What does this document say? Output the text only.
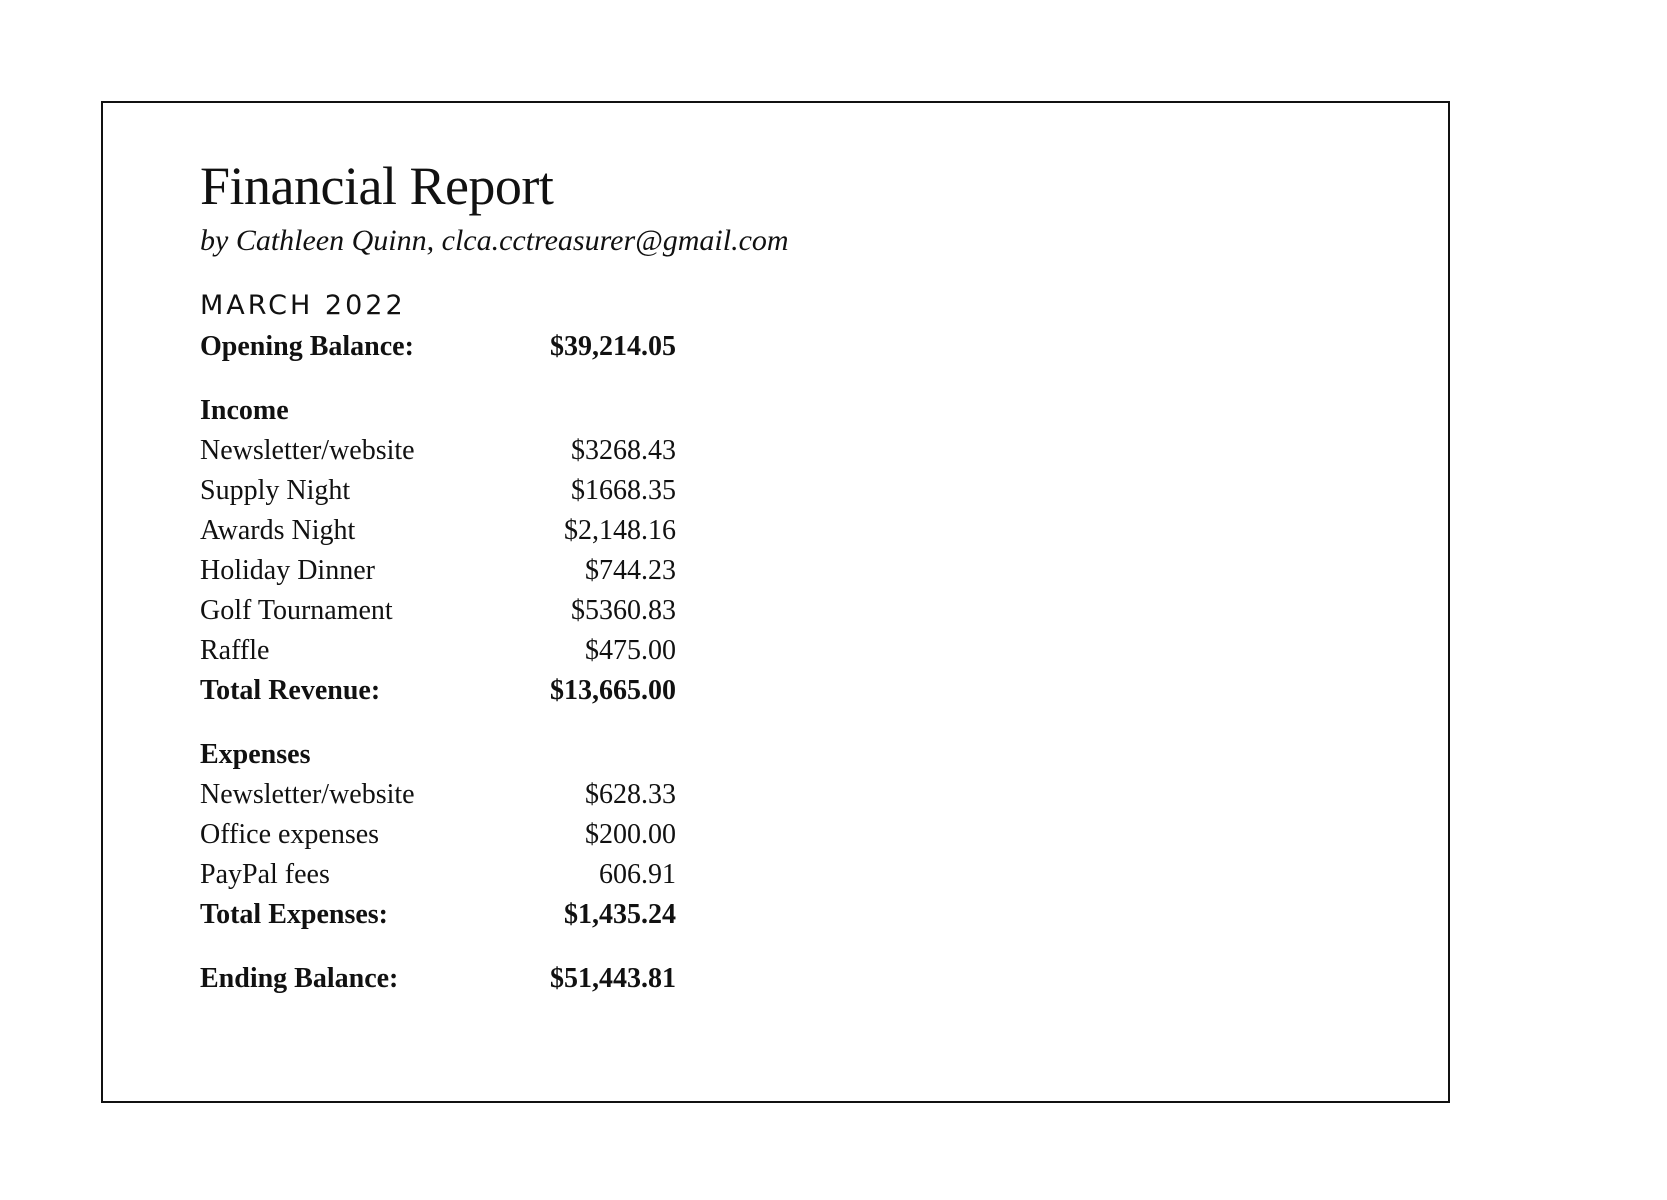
Financial Report

by Cathleen Quinn, clca.cctreasurer@gmail.com

MARCH 2022

Opening Balance:	$39,214.05
Income
Newsletter/website	$3268.43
Supply Night	$1668.35
Awards Night	$2,148.16
Holiday Dinner	$744.23
Golf Tournament	$5360.83
Raffle	$475.00
Total Revenue:	$13,665.00
Expenses
Newsletter/website	$628.33
Office expenses	$200.00
PayPal fees	606.91
Total Expenses:	$1,435.24
Ending Balance:	$51,443.81
